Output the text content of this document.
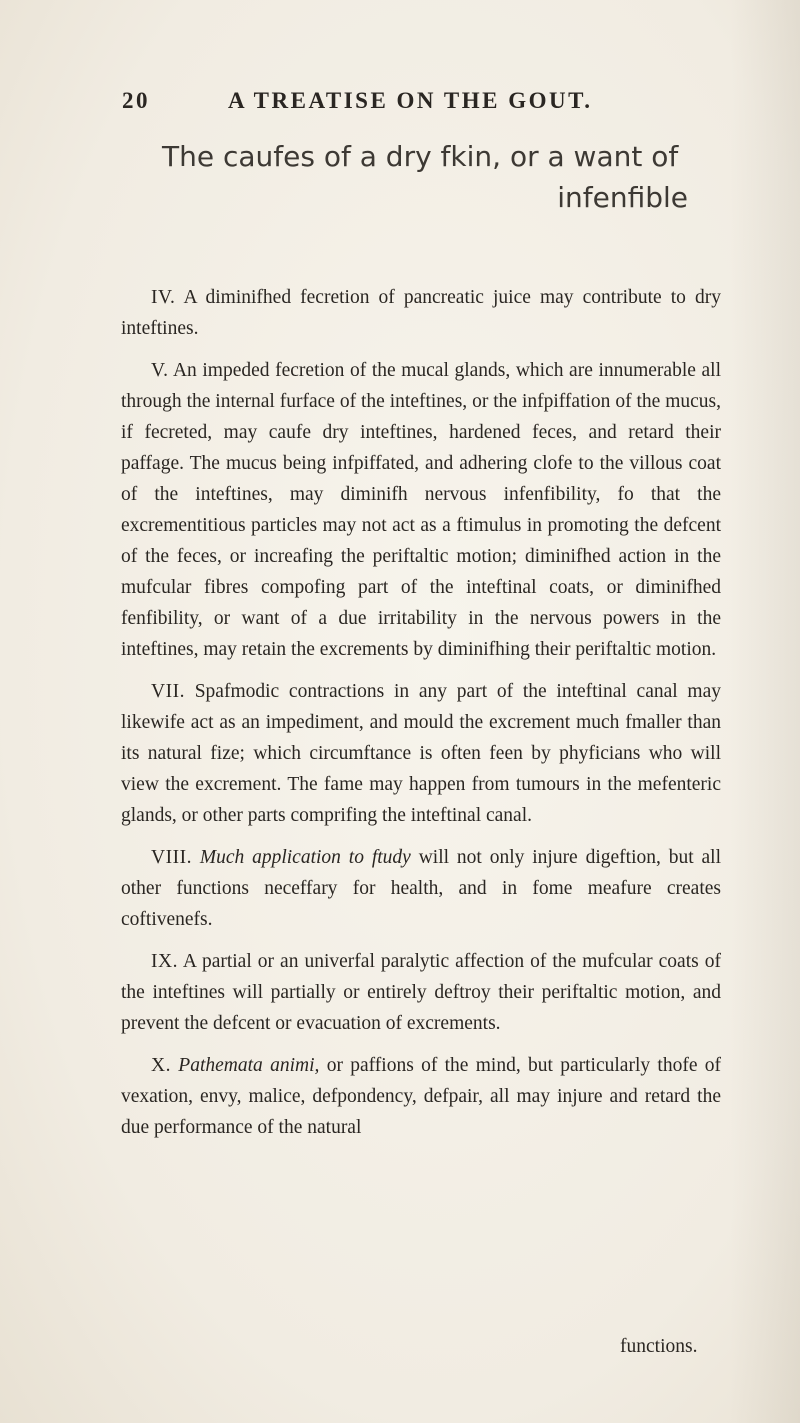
20	A TREATISE ON THE GOUT.
The caufes of a dry fkin, or a want of
infenfible

IV. A diminifhed fecretion of pancreatic juice may contribute to dry inteftines.

V. An impeded fecretion of the mucal glands, which are innumerable all through the internal furface of the inteftines, or the infpiffation of the mucus, if fecreted, may caufe dry inteftines, hardened feces, and retard their paffage. The mucus being infpiffated, and adhering clofe to the villous coat of the inteftines, may diminifh nervous infenfibility, fo that the excrementitious particles may not act as a ftimulus in promoting the defcent of the feces, or increafing the periftaltic motion; diminifhed action in the mufcular fibres compofing part of the inteftinal coats, or diminifhed fenfibility, or want of a due irritability in the nervous powers in the inteftines, may retain the excrements by diminifhing their periftaltic motion.

VII. Spafmodic contractions in any part of the inteftinal canal may likewife act as an impediment, and mould the excrement much fmaller than its natural fize; which circumftance is often feen by phyficians who will view the excrement. The fame may happen from tumours in the mefenteric glands, or other parts comprifing the inteftinal canal.

VIII. Much application to ftudy will not only injure digeftion, but all other functions neceffary for health, and in fome meafure creates coftivenefs.

IX. A partial or an univerfal paralytic affection of the mufcular coats of the inteftines will partially or entirely deftroy their periftaltic motion, and prevent the defcent or evacuation of excrements.

X. Pathemata animi, or paffions of the mind, but particularly thofe of vexation, envy, malice, defpondency, defpair, all may injure and retard the due performance of the natural

functions.
